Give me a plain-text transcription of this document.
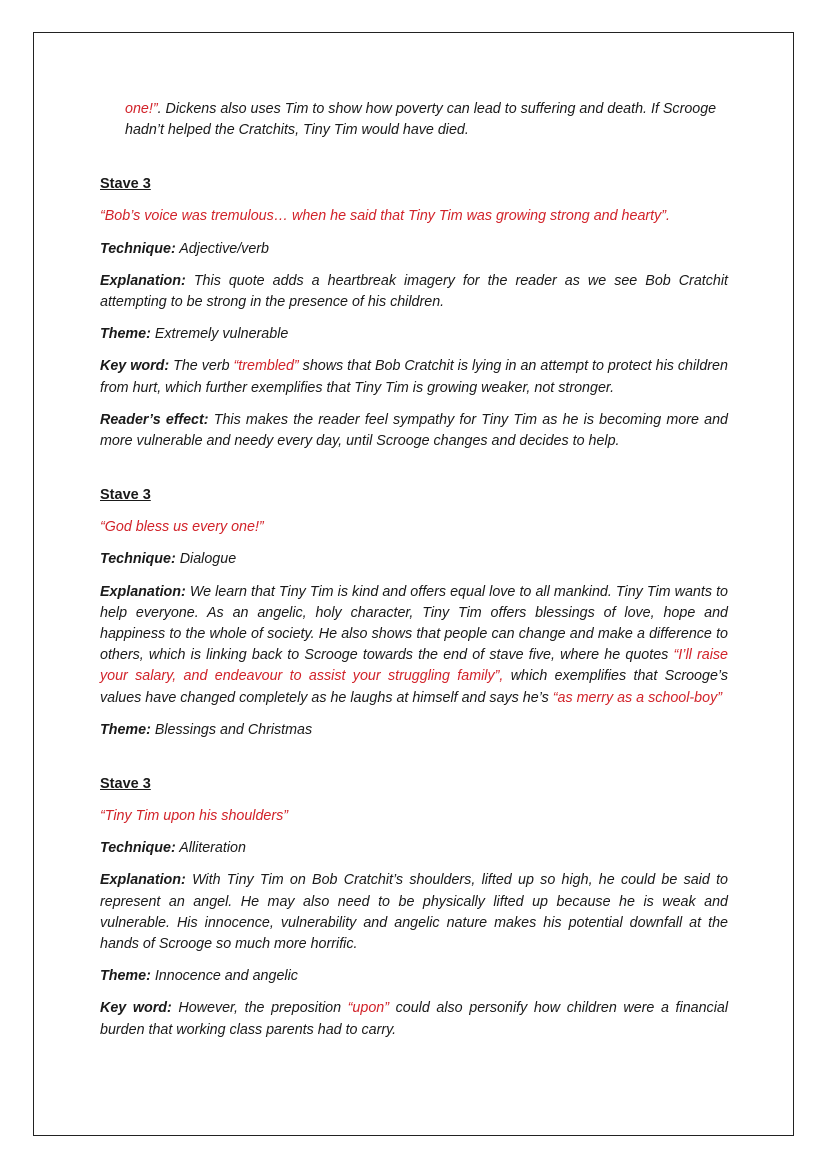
one!”. Dickens also uses Tim to show how poverty can lead to suffering and death. If Scrooge hadn’t helped the Cratchits, Tiny Tim would have died.

Stave 3

“Bob’s voice was tremulous… when he said that Tiny Tim was growing strong and hearty”.

Technique: Adjective/verb

Explanation: This quote adds a heartbreak imagery for the reader as we see Bob Cratchit attempting to be strong in the presence of his children.

Theme: Extremely vulnerable

Key word: The verb “trembled” shows that Bob Cratchit is lying in an attempt to protect his children from hurt, which further exemplifies that Tiny Tim is growing weaker, not stronger.

Reader’s effect: This makes the reader feel sympathy for Tiny Tim as he is becoming more and more vulnerable and needy every day, until Scrooge changes and decides to help.

Stave 3

“God bless us every one!”

Technique: Dialogue

Explanation: We learn that Tiny Tim is kind and offers equal love to all mankind. Tiny Tim wants to help everyone. As an angelic, holy character, Tiny Tim offers blessings of love, hope and happiness to the whole of society. He also shows that people can change and make a difference to others, which is linking back to Scrooge towards the end of stave five, where he quotes “I’ll raise your salary, and endeavour to assist your struggling family”, which exemplifies that Scrooge’s values have changed completely as he laughs at himself and says he’s “as merry as a school-boy”

Theme: Blessings and Christmas

Stave 3

“Tiny Tim upon his shoulders”

Technique: Alliteration

Explanation: With Tiny Tim on Bob Cratchit’s shoulders, lifted up so high, he could be said to represent an angel. He may also need to be physically lifted up because he is weak and vulnerable. His innocence, vulnerability and angelic nature makes his potential downfall at the hands of Scrooge so much more horrific.

Theme: Innocence and angelic

Key word: However, the preposition “upon” could also personify how children were a financial burden that working class parents had to carry.
